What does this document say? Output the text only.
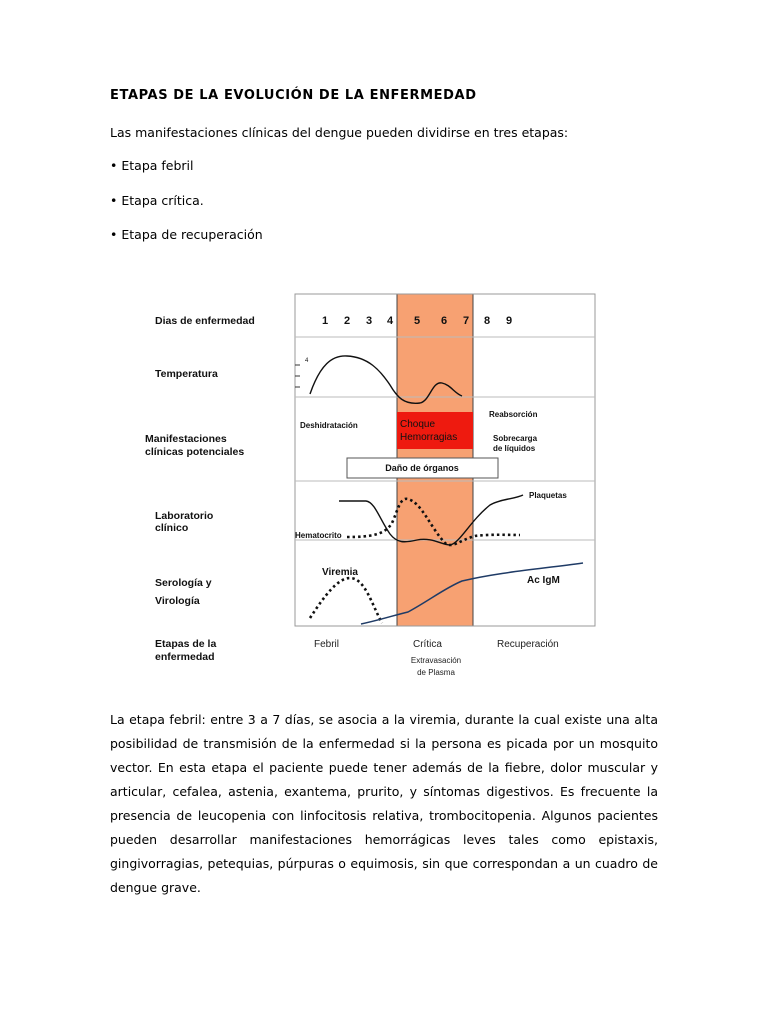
ETAPAS DE LA EVOLUCIÓN DE LA ENFERMEDAD
Las manifestaciones clínicas del dengue pueden dividirse en tres etapas:
• Etapa febril
• Etapa crítica.
• Etapa de recuperación
Dias de enfermedad
Temperatura
Manifestaciones
clínicas potenciales
Laboratorio
clínico
Serología y
Virología
Etapas de la
enfermedad
1 2 3 4 5 6 7 8 9
4
Deshidratación	Choque
Hemorragias
Reabsorción
Sobrecarga
de líquidos
Daño de órganos
Plaquetas
Hematocrito
Viremia
Ac IgM
Febril	Crítica	Recuperación
Extravasación
de Plasma
La etapa febril: entre 3 a 7 días, se asocia a la viremia, durante la cual existe una alta posibilidad de transmisión de la enfermedad si la persona es picada por un mosquito vector. En esta etapa el paciente puede tener además de la fiebre, dolor muscular y articular, cefalea, astenia, exantema, prurito, y síntomas digestivos. Es frecuente la presencia de leucopenia con linfocitosis relativa, trombocitopenia. Algunos pacientes pueden desarrollar manifestaciones hemorrágicas leves tales como epistaxis, gingivorragias, petequias, púrpuras o equimosis, sin que correspondan a un cuadro de dengue grave.
